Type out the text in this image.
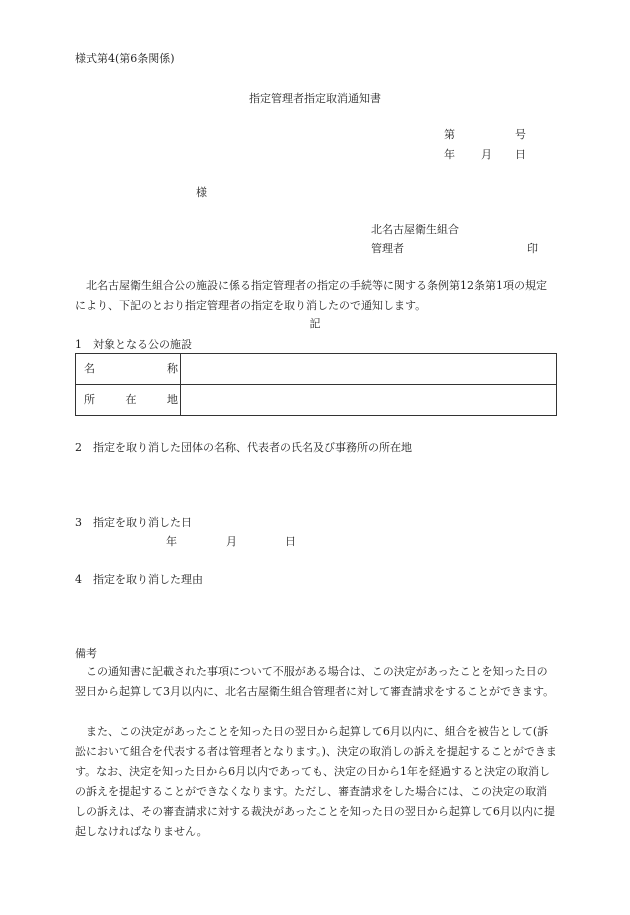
様式第4(第6条関係)
指定管理者指定取消通知書
第	号
年 月 日
様
北名古屋衛生組合
管理者	印
北名古屋衛生組合公の施設に係る指定管理者の指定の手続等に関する条例第12条第1項の規定により、下記のとおり指定管理者の指定を取り消したので通知します。
記
1　対象となる公の施設
名 称	

所 在 地	

2　指定を取り消した団体の名称、代表者の氏名及び事務所の所在地
3　指定を取り消した日
年	月	日
4　指定を取り消した理由
備考
この通知書に記載された事項について不服がある場合は、この決定があったことを知った日の翌日から起算して3月以内に、北名古屋衛生組合管理者に対して審査請求をすることができます。
また、この決定があったことを知った日の翌日から起算して6月以内に、組合を被告として(訴訟において組合を代表する者は管理者となります。)、決定の取消しの訴えを提起することができます。なお、決定を知った日から6月以内であっても、決定の日から1年を経過すると決定の取消しの訴えを提起することができなくなります。ただし、審査請求をした場合には、この決定の取消しの訴えは、その審査請求に対する裁決があったことを知った日の翌日から起算して6月以内に提起しなければなりません。
